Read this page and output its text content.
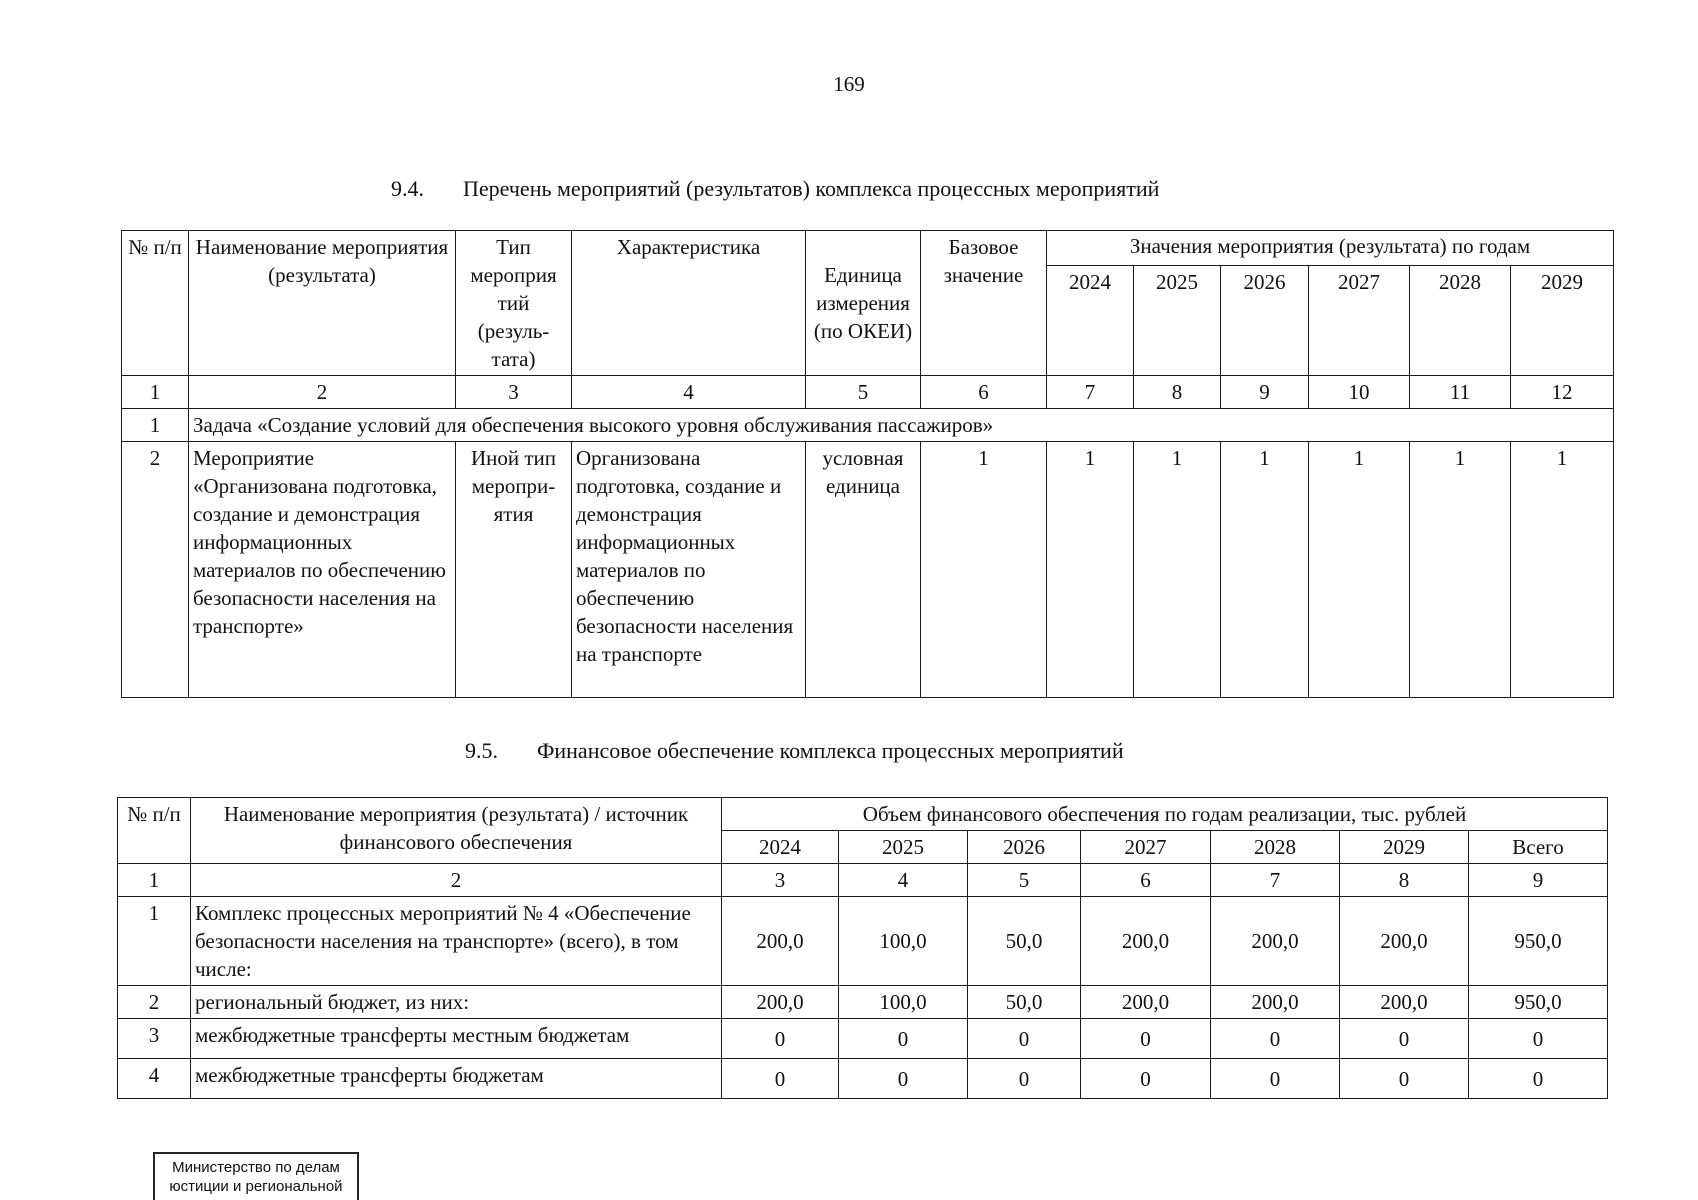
169
9.4. Перечень мероприятий (результатов) комплекса процессных мероприятий
№ п/п	Наименование мероприятия (результата)	Тип мероприя тий (резуль-тата)	Характеристика	Единица измерения (по ОКЕИ)	Базовое значение	Значения мероприятия (результата) по годам					
						2024	2025	2026	2027	2028	2029
1	2	3	4	5	6	7	8	9	10	11	12
1	Задача «Создание условий для обеспечения высокого уровня обслуживания пассажиров»										
2	Мероприятие «Организована подготовка, создание и демонстрация информационных материалов по обеспечению безопасности населения на транспорте»	Иной тип меропри-ятия	Организована подготовка, создание и демонстрация информационных материалов по обеспечению безопасности населения на транспорте	условная единица	1	1	1	1	1	1	1
9.5. Финансовое обеспечение комплекса процессных мероприятий
№ п/п	Наименование мероприятия (результата) / источник финансового обеспечения	Объем финансового обеспечения по годам реализации, тыс. рублей						
		2024	2025	2026	2027	2028	2029	Всего
1	2	3	4	5	6	7	8	9
1	Комплекс процессных мероприятий № 4 «Обеспечение безопасности населения на транспорте» (всего), в том числе:	200,0	100,0	50,0	200,0	200,0	200,0	950,0
2	региональный бюджет, из них:	200,0	100,0	50,0	200,0	200,0	200,0	950,0
3	межбюджетные трансферты местным бюджетам	0	0	0	0	0	0	0
4	межбюджетные трансферты бюджетам	0	0	0	0	0	0	0
Министерство по делам
юстиции и региональной
